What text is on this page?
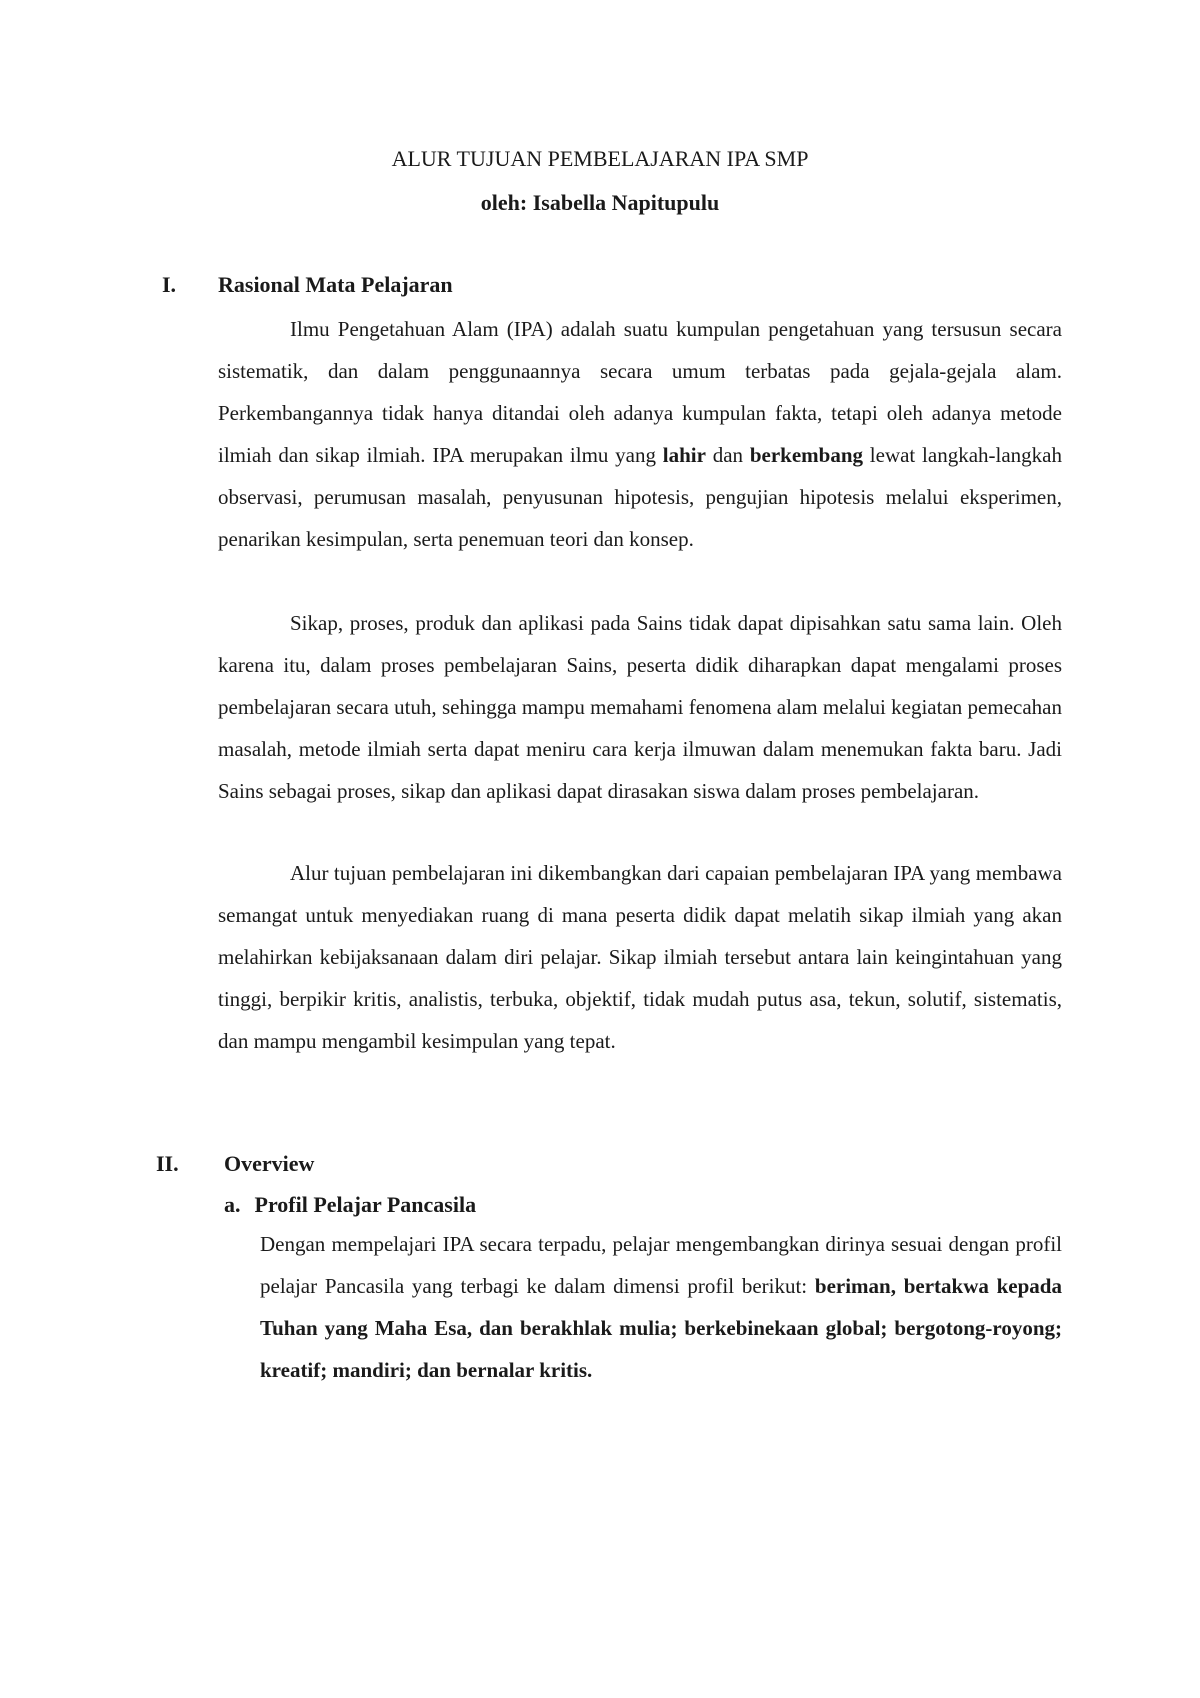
ALUR TUJUAN PEMBELAJARAN IPA SMP
oleh: Isabella Napitupulu
I. Rasional Mata Pelajaran

Ilmu Pengetahuan Alam (IPA) adalah suatu kumpulan pengetahuan yang tersusun secara sistematik, dan dalam penggunaannya secara umum terbatas pada gejala-gejala alam. Perkembangannya tidak hanya ditandai oleh adanya kumpulan fakta, tetapi oleh adanya metode ilmiah dan sikap ilmiah. IPA merupakan ilmu yang lahir dan berkembang lewat langkah-langkah observasi, perumusan masalah, penyusunan hipotesis, pengujian hipotesis melalui eksperimen, penarikan kesimpulan, serta penemuan teori dan konsep.

Sikap, proses, produk dan aplikasi pada Sains tidak dapat dipisahkan satu sama lain. Oleh karena itu, dalam proses pembelajaran Sains, peserta didik diharapkan dapat mengalami proses pembelajaran secara utuh, sehingga mampu memahami fenomena alam melalui kegiatan pemecahan masalah, metode ilmiah serta dapat meniru cara kerja ilmuwan dalam menemukan fakta baru. Jadi Sains sebagai proses, sikap dan aplikasi dapat dirasakan siswa dalam proses pembelajaran.

Alur tujuan pembelajaran ini dikembangkan dari capaian pembelajaran IPA yang membawa semangat untuk menyediakan ruang di mana peserta didik dapat melatih sikap ilmiah yang akan melahirkan kebijaksanaan dalam diri pelajar. Sikap ilmiah tersebut antara lain keingintahuan yang tinggi, berpikir kritis, analistis, terbuka, objektif, tidak mudah putus asa, tekun, solutif, sistematis, dan mampu mengambil kesimpulan yang tepat.

II. Overview
a. Profil Pelajar Pancasila

Dengan mempelajari IPA secara terpadu, pelajar mengembangkan dirinya sesuai dengan profil pelajar Pancasila yang terbagi ke dalam dimensi profil berikut: beriman, bertakwa kepada Tuhan yang Maha Esa, dan berakhlak mulia; berkebinekaan global; bergotong-royong; kreatif; mandiri; dan bernalar kritis.
